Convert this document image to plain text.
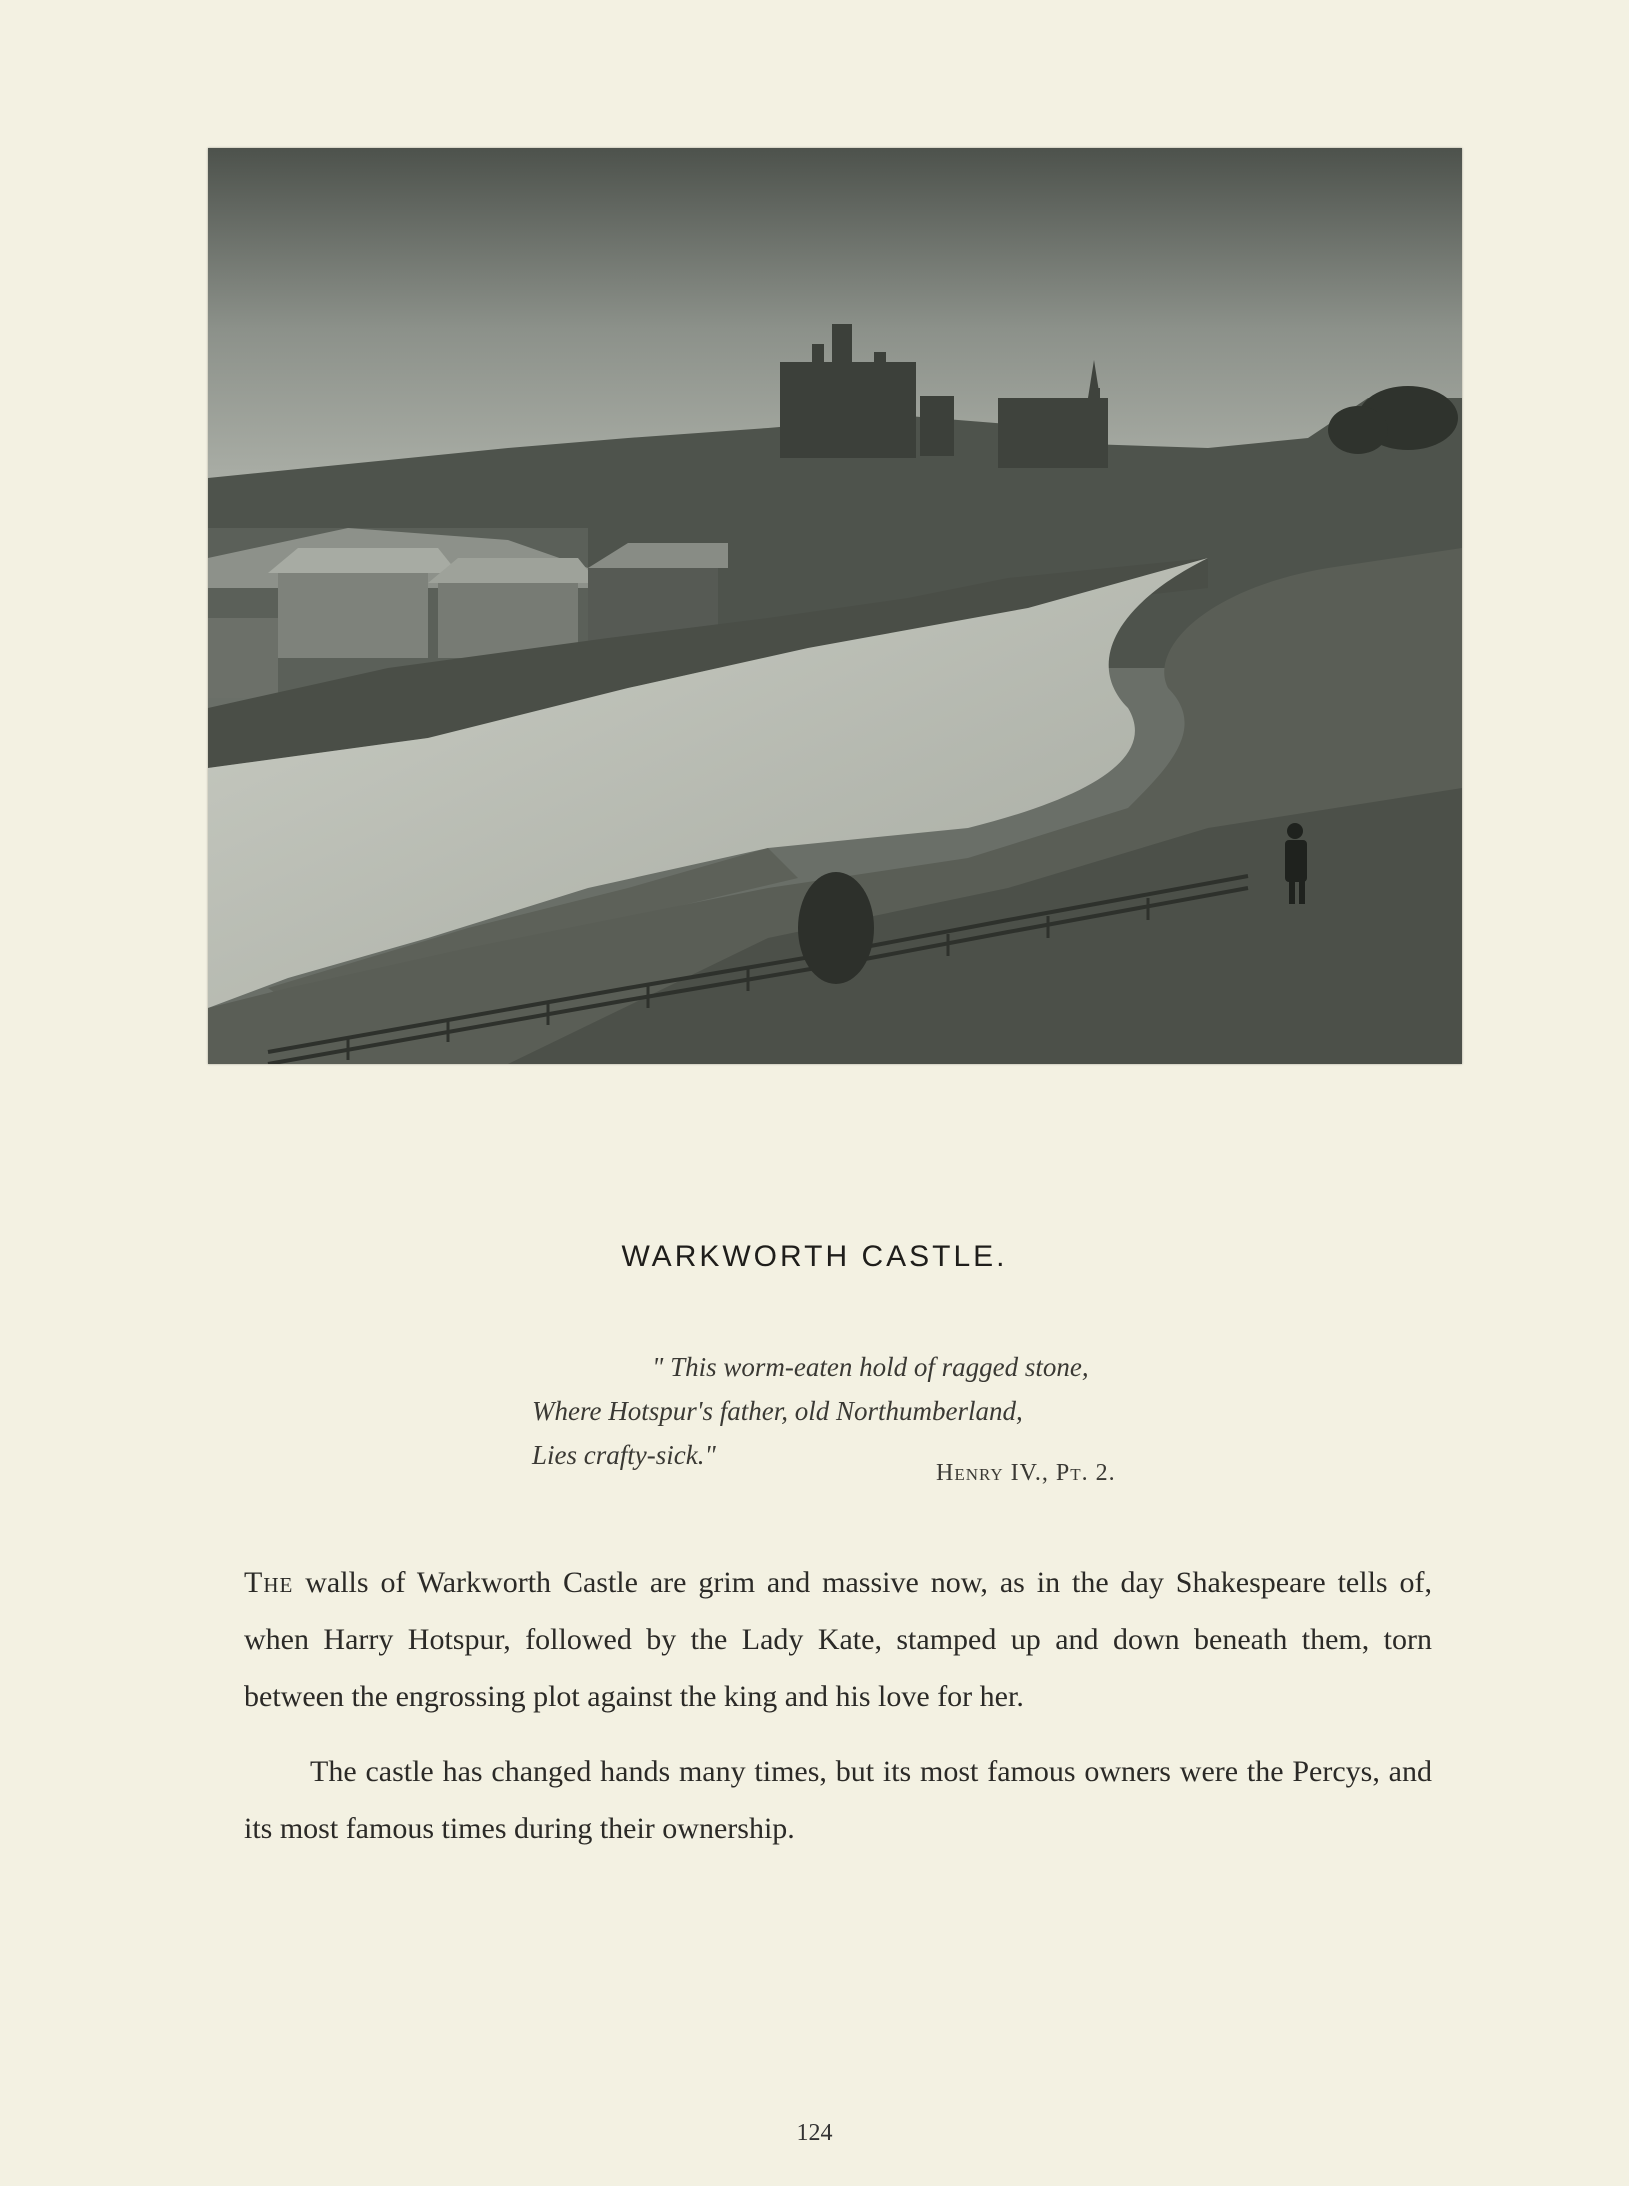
WARKWORTH CASTLE.
" This worm-eaten hold of ragged stone,
Where Hotspur's father, old Northumberland,
Lies crafty-sick."
Henry IV., Pt. 2.

The walls of Warkworth Castle are grim and massive now, as in the day Shakespeare tells of, when Harry Hotspur, followed by the Lady Kate, stamped up and down beneath them, torn between the engrossing plot against the king and his love for her.

The castle has changed hands many times, but its most famous owners were the Percys, and its most famous times during their ownership.

124
